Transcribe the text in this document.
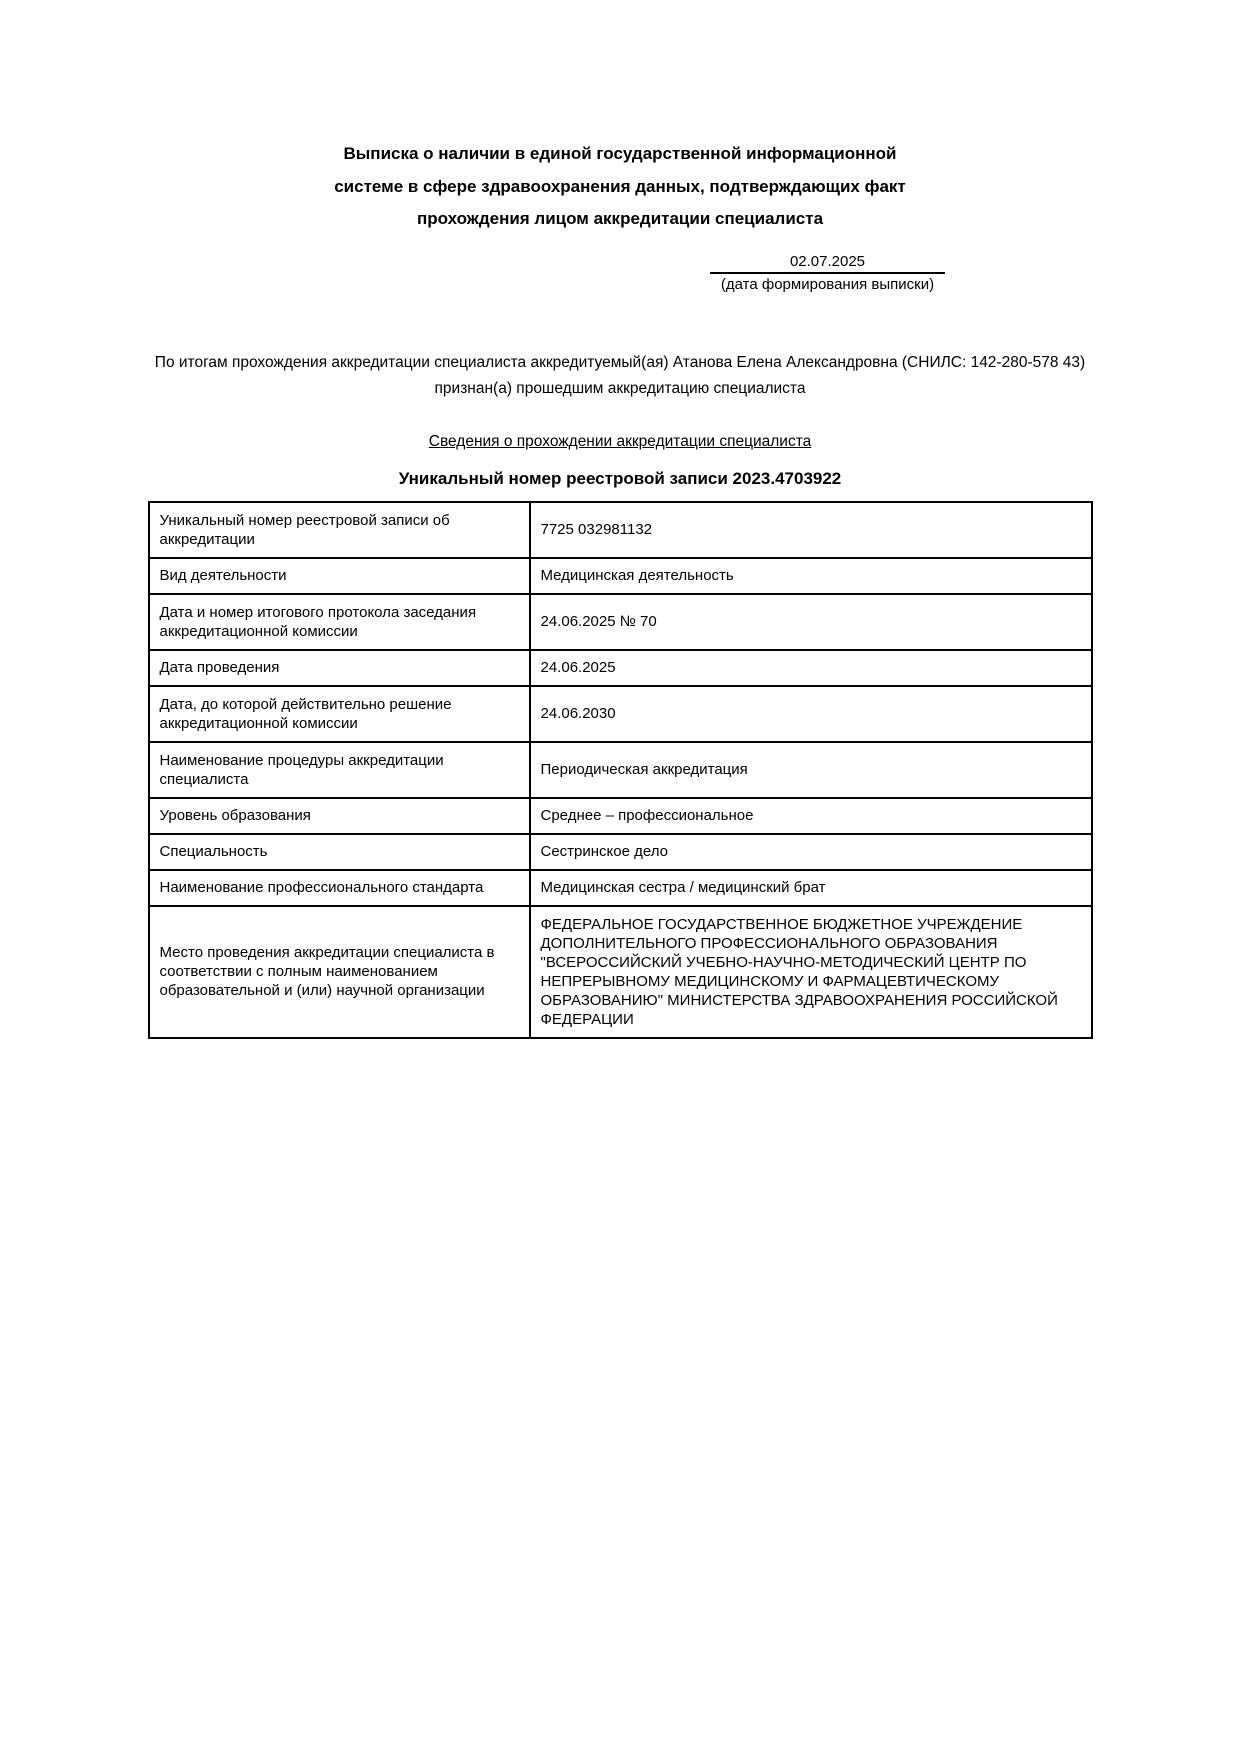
Выписка о наличии в единой государственной информационной
системе в сфере здравоохранения данных, подтверждающих факт
прохождения лицом аккредитации специалиста
02.07.2025
(дата формирования выписки)

По итогам прохождения аккредитации специалиста аккредитуемый(ая) Атанова Елена Александровна (СНИЛС: 142-280-578 43) признан(а) прошедшим аккредитацию специалиста

Сведения о прохождении аккредитации специалиста
Уникальный номер реестровой записи 2023.4703922
Уникальный номер реестровой записи об аккредитации	7725 032981132
Вид деятельности	Медицинская деятельность
Дата и номер итогового протокола заседания аккредитационной комиссии	24.06.2025 № 70
Дата проведения	24.06.2025
Дата, до которой действительно решение аккредитационной комиссии	24.06.2030
Наименование процедуры аккредитации специалиста	Периодическая аккредитация
Уровень образования	Среднее – профессиональное
Специальность	Сестринское дело
Наименование профессионального стандарта	Медицинская сестра / медицинский брат
Место проведения аккредитации специалиста в соответствии с полным наименованием образовательной и (или) научной организации	ФЕДЕРАЛЬНОЕ ГОСУДАРСТВЕННОЕ БЮДЖЕТНОЕ УЧРЕЖДЕНИЕ ДОПОЛНИТЕЛЬНОГО ПРОФЕССИОНАЛЬНОГО ОБРАЗОВАНИЯ "ВСЕРОССИЙСКИЙ УЧЕБНО-НАУЧНО-МЕТОДИЧЕСКИЙ ЦЕНТР ПО НЕПРЕРЫВНОМУ МЕДИЦИНСКОМУ И ФАРМАЦЕВТИЧЕСКОМУ ОБРАЗОВАНИЮ" МИНИСТЕРСТВА ЗДРАВООХРАНЕНИЯ РОССИЙСКОЙ ФЕДЕРАЦИИ
